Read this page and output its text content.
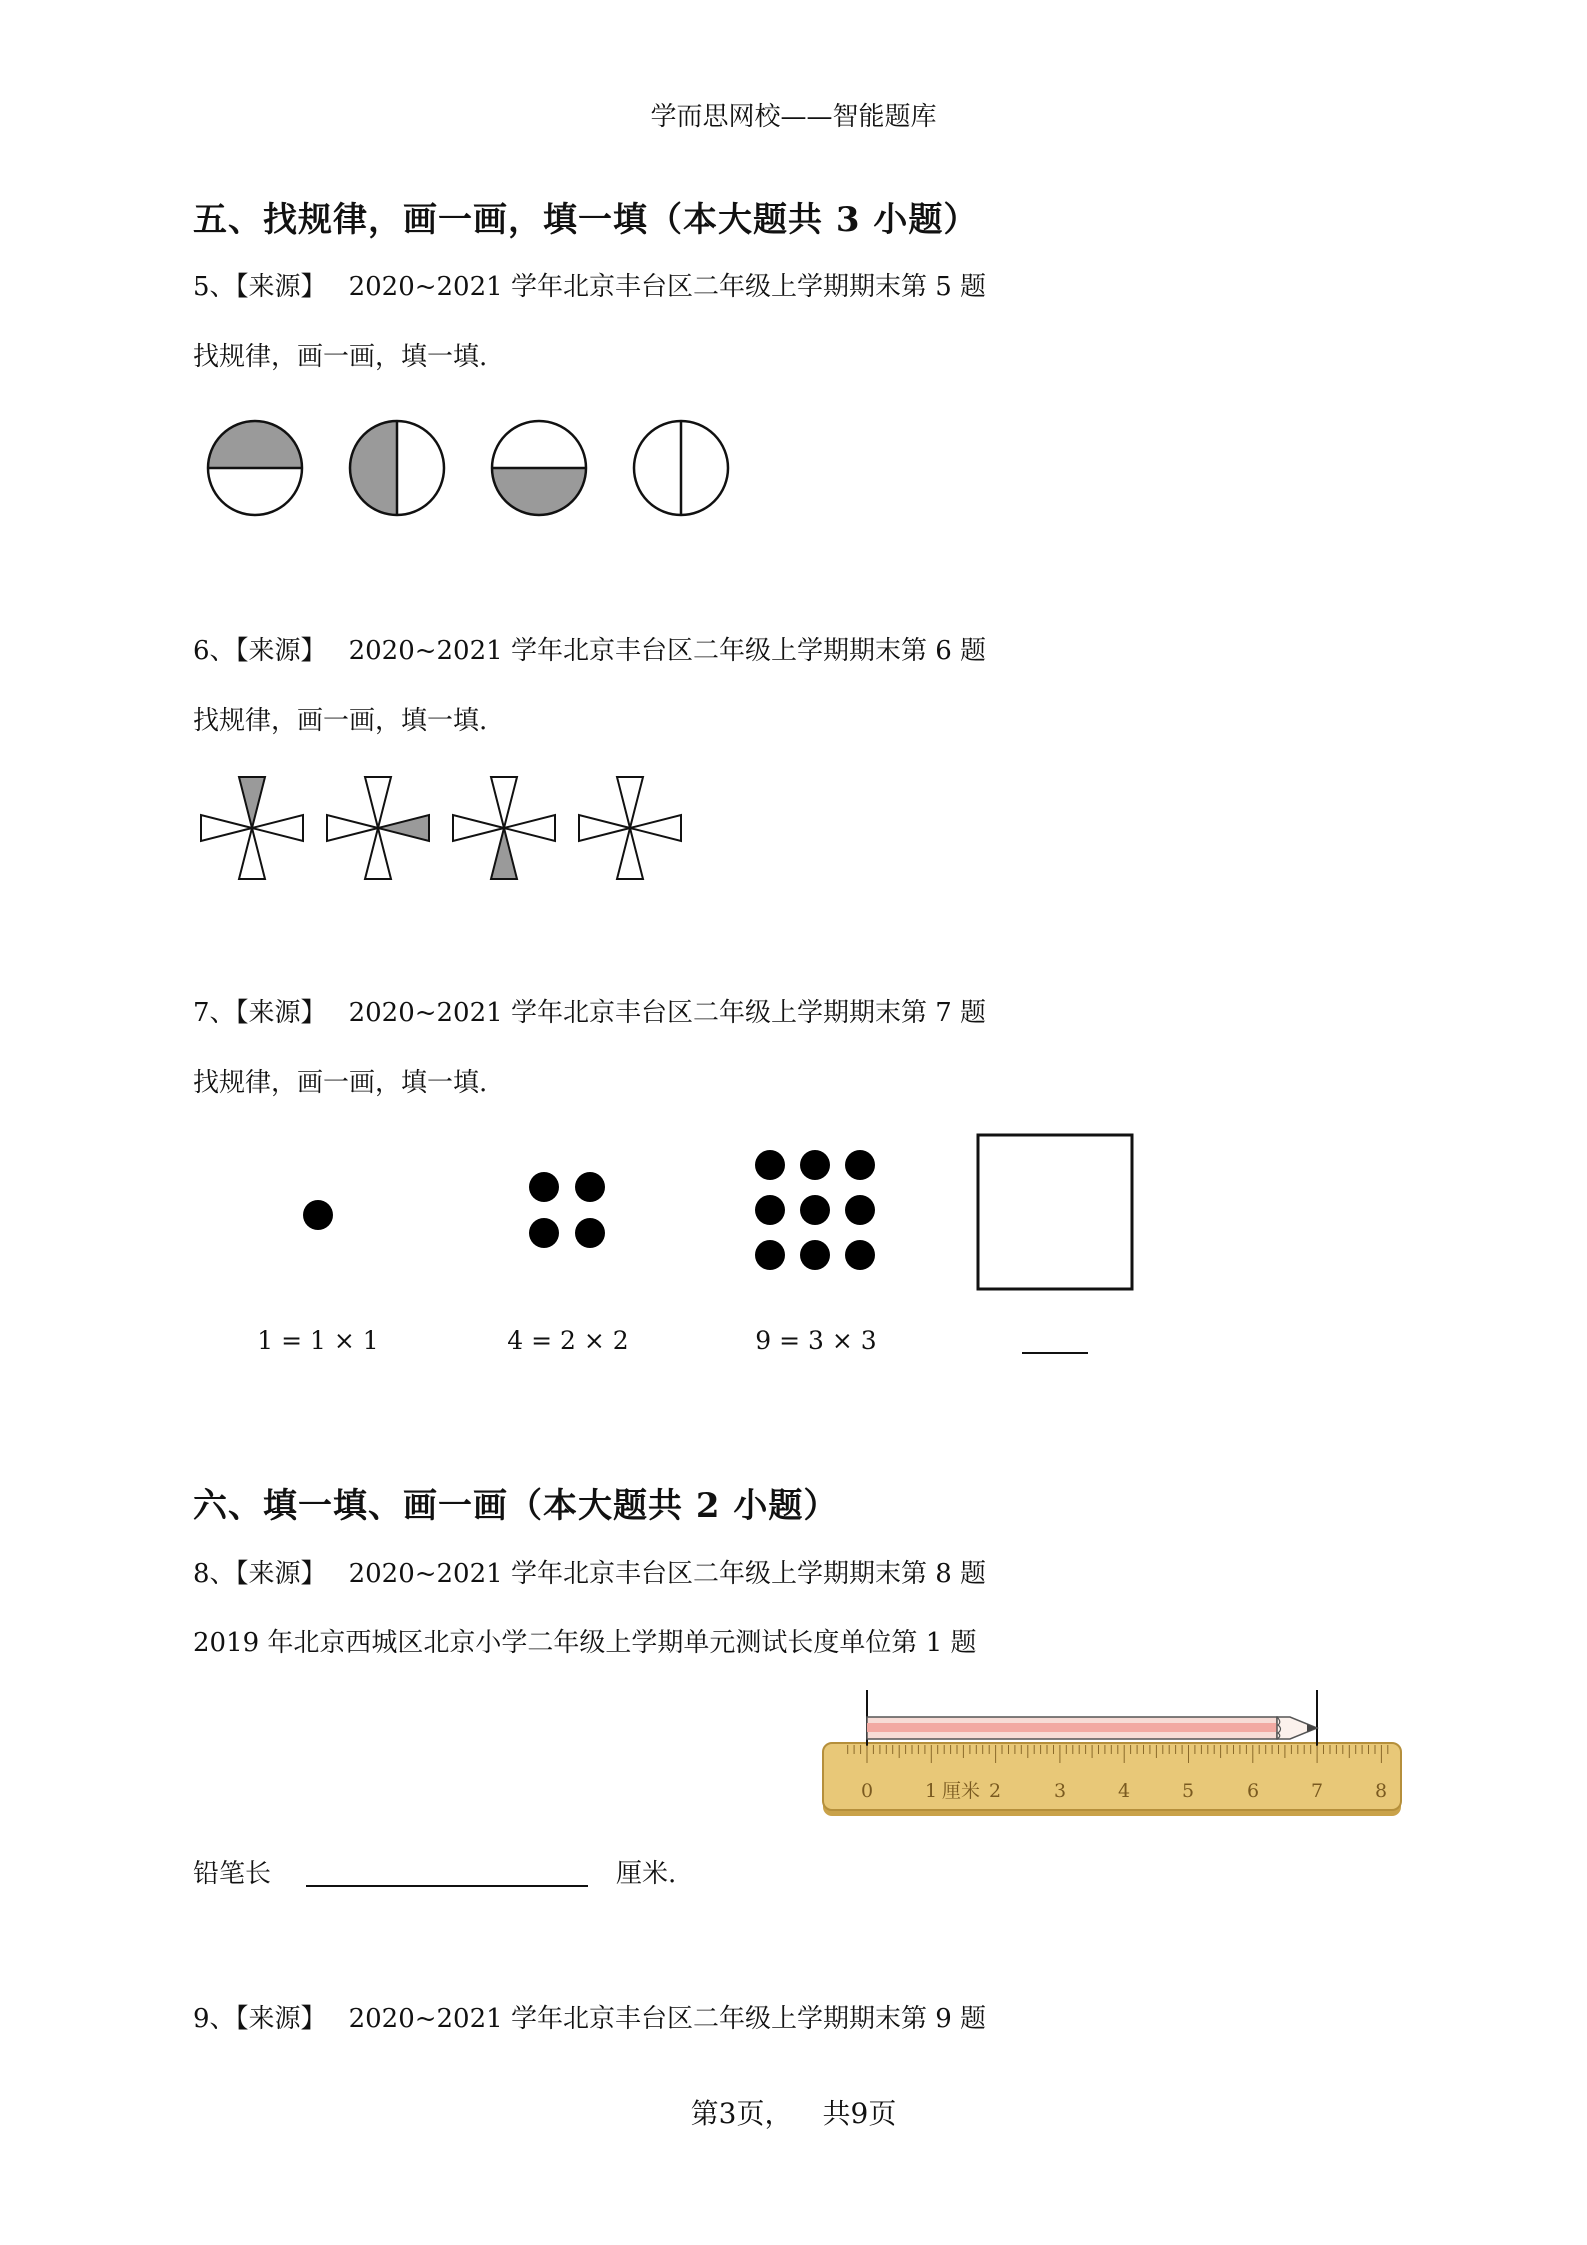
学而思网校——智能题库
五、找规律，画一画，填一填（本大题共 3 小题）
5、【来源】 2020~2021 学年北京丰台区二年级上学期期末第 5 题
找规律，画一画，填一填.
6、【来源】 2020~2021 学年北京丰台区二年级上学期期末第 6 题
找规律，画一画，填一填.
7、【来源】 2020~2021 学年北京丰台区二年级上学期期末第 7 题
找规律，画一画，填一填.
1 = 1 × 1	4 = 2 × 2	9 = 3 × 3
六、填一填、画一画（本大题共 2 小题）
8、【来源】 2020~2021 学年北京丰台区二年级上学期期末第 8 题
2019 年北京西城区北京小学二年级上学期单元测试长度单位第 1 题
0	1	2	3	4	5	6	7	8
厘米
铅笔长	厘米.
9、【来源】 2020~2021 学年北京丰台区二年级上学期期末第 9 题
第3页， 共9页
